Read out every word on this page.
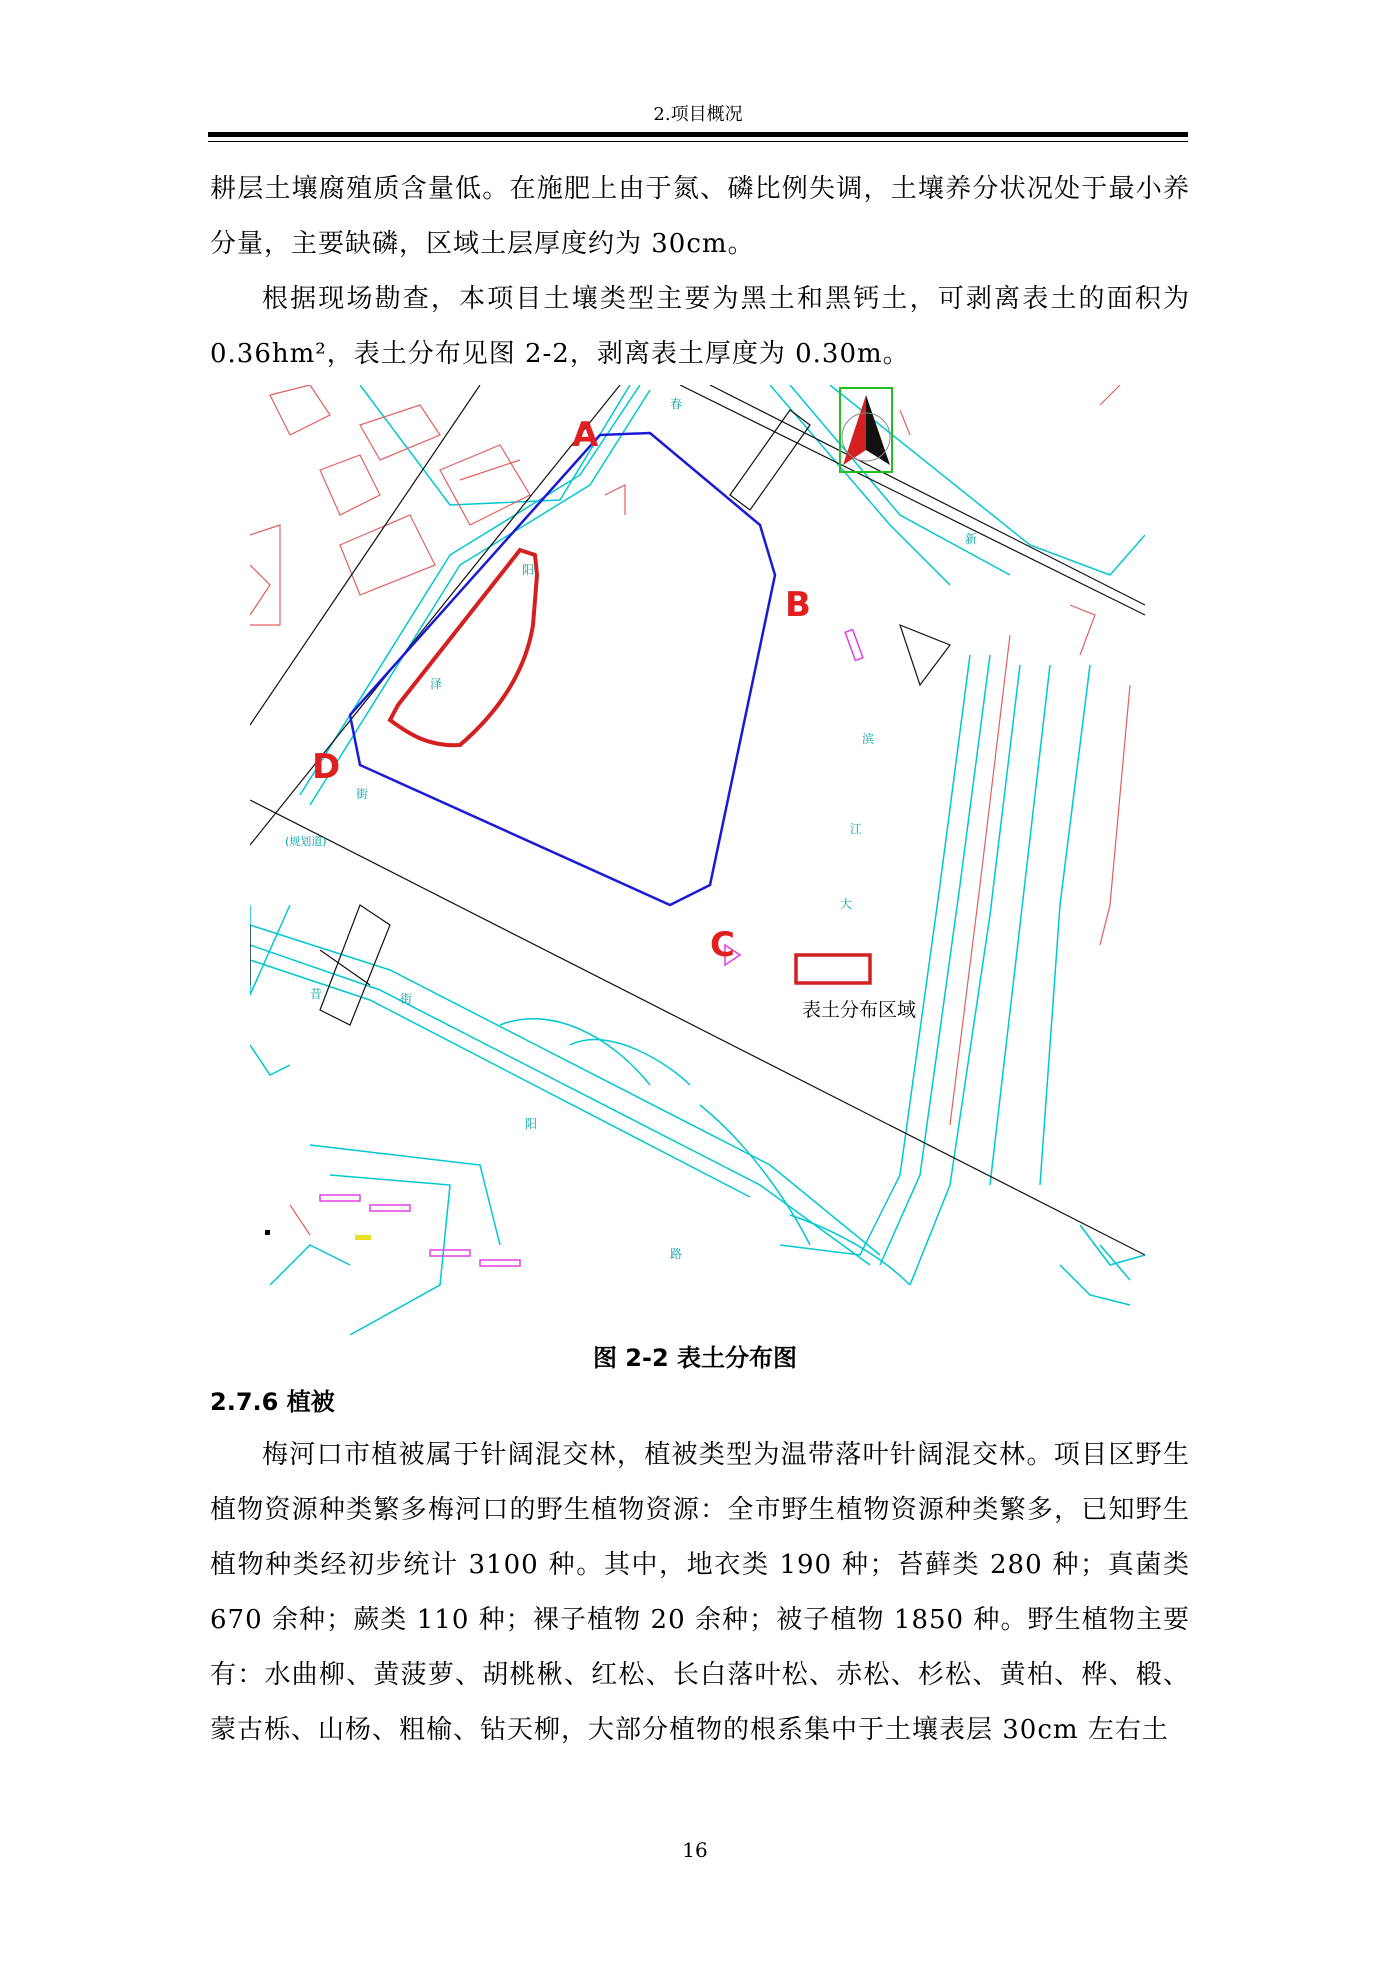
2.项目概况
耕层土壤腐殖质含量低。在施肥上由于氮、磷比例失调，土壤养分状况处于最小养分量，主要缺磷，区域土层厚度约为 30cm。
根据现场勘查，本项目土壤类型主要为黑土和黑钙土，可剥离表土的面积为 0.36hm²，表土分布见图 2-2，剥离表土厚度为 0.30m。
A
B
C
D
表土分布区域
阳
泽
街
(规划道)
滨
江
大
街
阳
路
昔
春
新
图 2-2 表土分布图
2.7.6 植被
梅河口市植被属于针阔混交林，植被类型为温带落叶针阔混交林。项目区野生植物资源种类繁多梅河口的野生植物资源：全市野生植物资源种类繁多，已知野生植物种类经初步统计 3100 种。其中，地衣类 190 种；苔藓类 280 种；真菌类 670 余种；蕨类 110 种；裸子植物 20 余种；被子植物 1850 种。野生植物主要有：水曲柳、黄菠萝、胡桃楸、红松、长白落叶松、赤松、杉松、黄柏、桦、椴、蒙古栎、山杨、粗榆、钻天柳，大部分植物的根系集中于土壤表层 30cm 左右土
16
